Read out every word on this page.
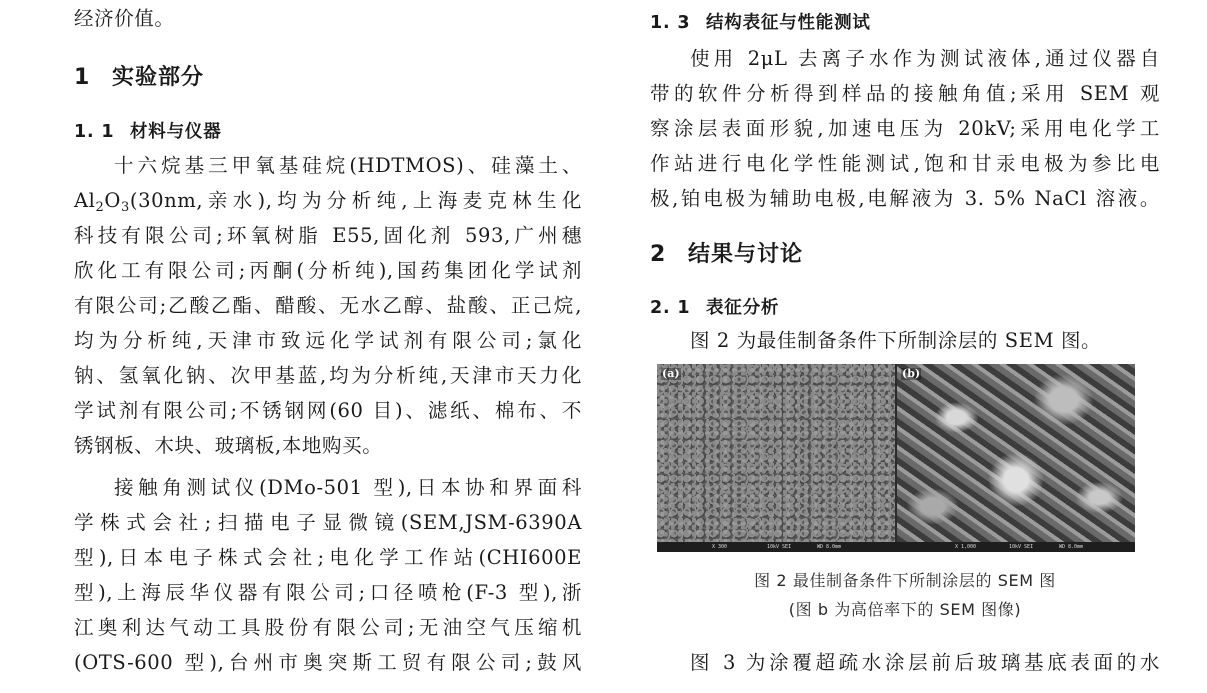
经济价值。
1 实验部分
1. 1 材料与仪器
十六烷基三甲氧基硅烷(HDTMOS)、硅藻土、
$Al_2O_3(30nm$,亲水),均为分析纯,上海麦克林生化
科技有限公司;环氧树脂 E55,固化剂 593,广州穗
欣化工有限公司;丙酮(分析纯),国药集团化学试剂
有限公司;乙酸乙酯、醋酸、无水乙醇、盐酸、正己烷,
均为分析纯,天津市致远化学试剂有限公司;氯化
钠、氢氧化钠、次甲基蓝,均为分析纯,天津市天力化
学试剂有限公司;不锈钢网(60 目)、滤纸、棉布、不
锈钢板、木块、玻璃板,本地购买。
接触角测试仪(DMo-501 型),日本协和界面科
学株式会社;扫描电子显微镜(SEM,JSM-6390A
型),日本电子株式会社;电化学工作站(CHI600E
型),上海辰华仪器有限公司;口径喷枪(F-3 型),浙
江奥利达气动工具股份有限公司;无油空气压缩机
(OTS-600 型),台州市奥突斯工贸有限公司;鼓风
1. 3 结构表征与性能测试
使用 2μL 去离子水作为测试液体,通过仪器自
带的软件分析得到样品的接触角值;采用 SEM 观
察涂层表面形貌,加速电压为 20kV;采用电化学工
作站进行电化学性能测试,饱和甘汞电极为参比电
极,铂电极为辅助电极,电解液为 3. 5% NaCl 溶液。
2 结果与讨论
2. 1 表征分析
图 2 为最佳制备条件下所制涂层的 SEM 图。
(a)	(b)
X 300	10kV SEI	WD 8.0mm	X 1,000	10kV SEI	WD 8.0mm
图 2 最佳制备条件下所制涂层的 SEM 图
(图 b 为高倍率下的 SEM 图像)
图 3 为涂覆超疏水涂层前后玻璃基底表面的水
